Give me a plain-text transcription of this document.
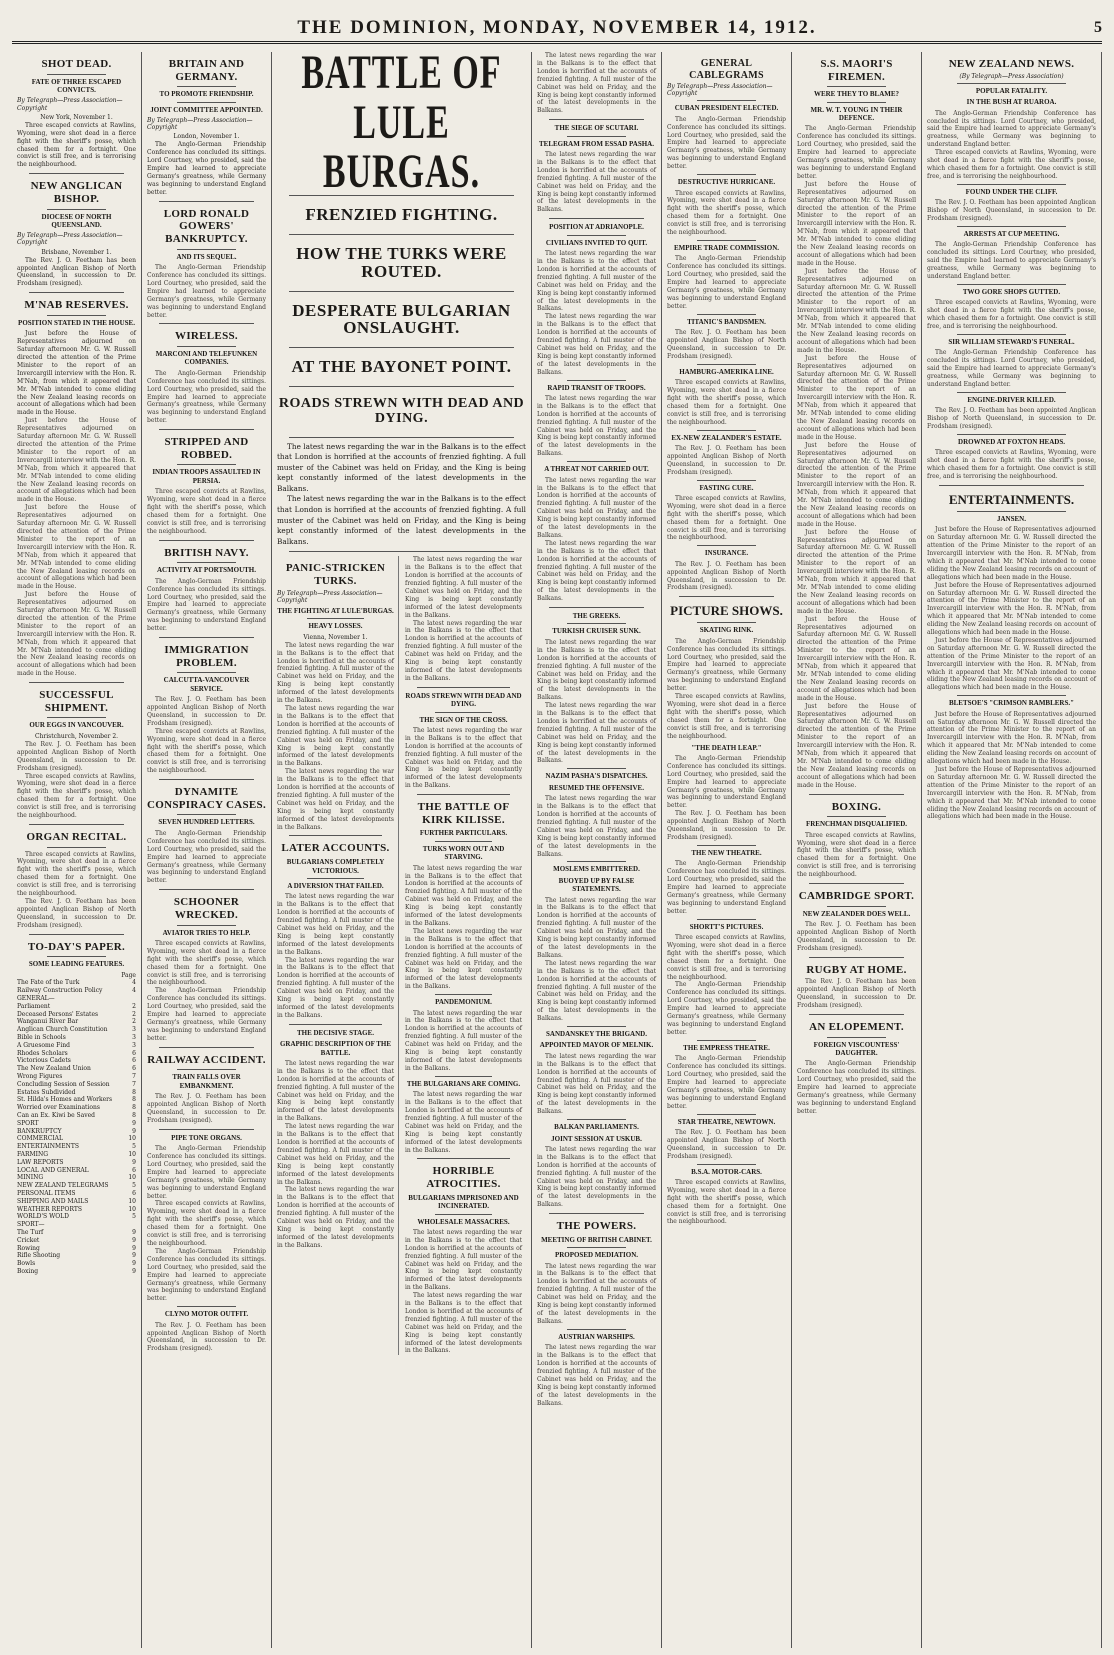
THE DOMINION, MONDAY, NOVEMBER 14, 1912.	5
SHOT DEAD.
FATE OF THREE ESCAPED CONVICTS.
By Telegraph—Press Association—Copyright
New York, November 1.

Three escaped convicts at Rawlins, Wyoming, were shot dead in a fierce fight with the sheriff's posse, which chased them for a fortnight. One convict is still free, and is terrorising the neighbourhood.

NEW ANGLICAN BISHOP.
DIOCESE OF NORTH QUEENSLAND.
By Telegraph—Press Association—Copyright
Brisbane, November 1.

The Rev. J. O. Feetham has been appointed Anglican Bishop of North Queensland, in succession to Dr. Frodsham (resigned).

M'NAB RESERVES.
POSITION STATED IN THE HOUSE.

Just before the House of Representatives adjourned on Saturday afternoon Mr. G. W. Russell directed the attention of the Prime Minister to the report of an Invercargill interview with the Hon. R. M'Nab, from which it appeared that Mr. M'Nab intended to come eliding the New Zealand leasing records on account of allegations which had been made in the House.

Just before the House of Representatives adjourned on Saturday afternoon Mr. G. W. Russell directed the attention of the Prime Minister to the report of an Invercargill interview with the Hon. R. M'Nab, from which it appeared that Mr. M'Nab intended to come eliding the New Zealand leasing records on account of allegations which had been made in the House.

Just before the House of Representatives adjourned on Saturday afternoon Mr. G. W. Russell directed the attention of the Prime Minister to the report of an Invercargill interview with the Hon. R. M'Nab, from which it appeared that Mr. M'Nab intended to come eliding the New Zealand leasing records on account of allegations which had been made in the House.

Just before the House of Representatives adjourned on Saturday afternoon Mr. G. W. Russell directed the attention of the Prime Minister to the report of an Invercargill interview with the Hon. R. M'Nab, from which it appeared that Mr. M'Nab intended to come eliding the New Zealand leasing records on account of allegations which had been made in the House.

SUCCESSFUL SHIPMENT.
OUR EGGS IN VANCOUVER.
Christchurch, November 2.

The Rev. J. O. Feetham has been appointed Anglican Bishop of North Queensland, in succession to Dr. Frodsham (resigned).

Three escaped convicts at Rawlins, Wyoming, were shot dead in a fierce fight with the sheriff's posse, which chased them for a fortnight. One convict is still free, and is terrorising the neighbourhood.

ORGAN RECITAL.

Three escaped convicts at Rawlins, Wyoming, were shot dead in a fierce fight with the sheriff's posse, which chased them for a fortnight. One convict is still free, and is terrorising the neighbourhood.

The Rev. J. O. Feetham has been appointed Anglican Bishop of North Queensland, in succession to Dr. Frodsham (resigned).

TO-DAY'S PAPER.
SOME LEADING FEATURES.
Page
The Fate of the Turk	4
Railway Construction Policy	4
GENERAL—
Parliament	2
Deceased Persons' Estates	2
Wanganui River Bar	2
Anglican Church Constitution	3
Bible in Schools	3
A Gruesome Find	3
Rhodes Scholars	6
Victorious Cadets	6
The New Zealand Union	6
Wrong Figures	7
Concluding Session of Session	7
Estates Subdivided	8
St. Hilda's Homes and Workers	8
Worried over Examinations	8
Can an Ex. Kiwi be Saved	8
SPORT	9
BANKRUPTCY	9
COMMERCIAL	10
ENTERTAINMENTS	5
FARMING	10
LAW REPORTS	9
LOCAL AND GENERAL	6
MINING	10
NEW ZEALAND TELEGRAMS	5
PERSONAL ITEMS	6
SHIPPING AND MAILS	10
WEATHER REPORTS	10
WORLD'S WOLD	5
SPORT—
The Turf	9
Cricket	9
Rowing	9
Rifle Shooting	9
Bowls	9
Boxing	9
BRITAIN AND GERMANY.
TO PROMOTE FRIENDSHIP.
JOINT COMMITTEE APPOINTED.
By Telegraph—Press Association—Copyright
London, November 1.

The Anglo-German Friendship Conference has concluded its sittings. Lord Courtney, who presided, said the Empire had learned to appreciate Germany's greatness, while Germany was beginning to understand England better.

LORD RONALD GOWERS' BANKRUPTCY.
AND ITS SEQUEL.

The Anglo-German Friendship Conference has concluded its sittings. Lord Courtney, who presided, said the Empire had learned to appreciate Germany's greatness, while Germany was beginning to understand England better.

WIRELESS.
MARCONI AND TELEFUNKEN COMPANIES.

The Anglo-German Friendship Conference has concluded its sittings. Lord Courtney, who presided, said the Empire had learned to appreciate Germany's greatness, while Germany was beginning to understand England better.

STRIPPED AND ROBBED.
INDIAN TROOPS ASSAULTED IN PERSIA.

Three escaped convicts at Rawlins, Wyoming, were shot dead in a fierce fight with the sheriff's posse, which chased them for a fortnight. One convict is still free, and is terrorising the neighbourhood.

BRITISH NAVY.
ACTIVITY AT PORTSMOUTH.

The Anglo-German Friendship Conference has concluded its sittings. Lord Courtney, who presided, said the Empire had learned to appreciate Germany's greatness, while Germany was beginning to understand England better.

IMMIGRATION PROBLEM.
CALCUTTA-VANCOUVER SERVICE.

The Rev. J. O. Feetham has been appointed Anglican Bishop of North Queensland, in succession to Dr. Frodsham (resigned).

Three escaped convicts at Rawlins, Wyoming, were shot dead in a fierce fight with the sheriff's posse, which chased them for a fortnight. One convict is still free, and is terrorising the neighbourhood.

DYNAMITE CONSPIRACY CASES.
SEVEN HUNDRED LETTERS.

The Anglo-German Friendship Conference has concluded its sittings. Lord Courtney, who presided, said the Empire had learned to appreciate Germany's greatness, while Germany was beginning to understand England better.

SCHOONER WRECKED.
AVIATOR TRIES TO HELP.

Three escaped convicts at Rawlins, Wyoming, were shot dead in a fierce fight with the sheriff's posse, which chased them for a fortnight. One convict is still free, and is terrorising the neighbourhood.

The Anglo-German Friendship Conference has concluded its sittings. Lord Courtney, who presided, said the Empire had learned to appreciate Germany's greatness, while Germany was beginning to understand England better.

RAILWAY ACCIDENT.
TRAIN FALLS OVER EMBANKMENT.

The Rev. J. O. Feetham has been appointed Anglican Bishop of North Queensland, in succession to Dr. Frodsham (resigned).

PIPE TONE ORGANS.

The Anglo-German Friendship Conference has concluded its sittings. Lord Courtney, who presided, said the Empire had learned to appreciate Germany's greatness, while Germany was beginning to understand England better.

Three escaped convicts at Rawlins, Wyoming, were shot dead in a fierce fight with the sheriff's posse, which chased them for a fortnight. One convict is still free, and is terrorising the neighbourhood.

The Anglo-German Friendship Conference has concluded its sittings. Lord Courtney, who presided, said the Empire had learned to appreciate Germany's greatness, while Germany was beginning to understand England better.

CLYNO MOTOR OUTFIT.

The Rev. J. O. Feetham has been appointed Anglican Bishop of North Queensland, in succession to Dr. Frodsham (resigned).

BATTLE OF LULE BURGAS.
FRENZIED FIGHTING.
HOW THE TURKS WERE ROUTED.
DESPERATE BULGARIAN ONSLAUGHT.
AT THE BAYONET POINT.
ROADS STREWN WITH DEAD AND DYING.

The latest news regarding the war in the Balkans is to the effect that London is horrified at the accounts of frenzied fighting. A full muster of the Cabinet was held on Friday, and the King is being kept constantly informed of the latest developments in the Balkans.

The latest news regarding the war in the Balkans is to the effect that London is horrified at the accounts of frenzied fighting. A full muster of the Cabinet was held on Friday, and the King is being kept constantly informed of the latest developments in the Balkans.

PANIC-STRICKEN TURKS.
By Telegraph—Press Association—Copyright
THE FIGHTING AT LULE'BURGAS.
HEAVY LOSSES.
Vienna, November 1.

The latest news regarding the war in the Balkans is to the effect that London is horrified at the accounts of frenzied fighting. A full muster of the Cabinet was held on Friday, and the King is being kept constantly informed of the latest developments in the Balkans.

The latest news regarding the war in the Balkans is to the effect that London is horrified at the accounts of frenzied fighting. A full muster of the Cabinet was held on Friday, and the King is being kept constantly informed of the latest developments in the Balkans.

The latest news regarding the war in the Balkans is to the effect that London is horrified at the accounts of frenzied fighting. A full muster of the Cabinet was held on Friday, and the King is being kept constantly informed of the latest developments in the Balkans.

LATER ACCOUNTS.
BULGARIANS COMPLETELY VICTORIOUS.
A DIVERSION THAT FAILED.

The latest news regarding the war in the Balkans is to the effect that London is horrified at the accounts of frenzied fighting. A full muster of the Cabinet was held on Friday, and the King is being kept constantly informed of the latest developments in the Balkans.

The latest news regarding the war in the Balkans is to the effect that London is horrified at the accounts of frenzied fighting. A full muster of the Cabinet was held on Friday, and the King is being kept constantly informed of the latest developments in the Balkans.

THE DECISIVE STAGE.
GRAPHIC DESCRIPTION OF THE BATTLE.

The latest news regarding the war in the Balkans is to the effect that London is horrified at the accounts of frenzied fighting. A full muster of the Cabinet was held on Friday, and the King is being kept constantly informed of the latest developments in the Balkans.

The latest news regarding the war in the Balkans is to the effect that London is horrified at the accounts of frenzied fighting. A full muster of the Cabinet was held on Friday, and the King is being kept constantly informed of the latest developments in the Balkans.

The latest news regarding the war in the Balkans is to the effect that London is horrified at the accounts of frenzied fighting. A full muster of the Cabinet was held on Friday, and the King is being kept constantly informed of the latest developments in the Balkans.

The latest news regarding the war in the Balkans is to the effect that London is horrified at the accounts of frenzied fighting. A full muster of the Cabinet was held on Friday, and the King is being kept constantly informed of the latest developments in the Balkans.

The latest news regarding the war in the Balkans is to the effect that London is horrified at the accounts of frenzied fighting. A full muster of the Cabinet was held on Friday, and the King is being kept constantly informed of the latest developments in the Balkans.

ROADS STREWN WITH DEAD AND DYING.
THE SIGN OF THE CROSS.

The latest news regarding the war in the Balkans is to the effect that London is horrified at the accounts of frenzied fighting. A full muster of the Cabinet was held on Friday, and the King is being kept constantly informed of the latest developments in the Balkans.

THE BATTLE OF KIRK KILISSE.
FURTHER PARTICULARS.
TURKS WORN OUT AND STARVING.

The latest news regarding the war in the Balkans is to the effect that London is horrified at the accounts of frenzied fighting. A full muster of the Cabinet was held on Friday, and the King is being kept constantly informed of the latest developments in the Balkans.

The latest news regarding the war in the Balkans is to the effect that London is horrified at the accounts of frenzied fighting. A full muster of the Cabinet was held on Friday, and the King is being kept constantly informed of the latest developments in the Balkans.

PANDEMONIUM.

The latest news regarding the war in the Balkans is to the effect that London is horrified at the accounts of frenzied fighting. A full muster of the Cabinet was held on Friday, and the King is being kept constantly informed of the latest developments in the Balkans.

THE BULGARIANS ARE COMING.

The latest news regarding the war in the Balkans is to the effect that London is horrified at the accounts of frenzied fighting. A full muster of the Cabinet was held on Friday, and the King is being kept constantly informed of the latest developments in the Balkans.

HORRIBLE ATROCITIES.
BULGARIANS IMPRISONED AND INCINERATED.
WHOLESALE MASSACRES.

The latest news regarding the war in the Balkans is to the effect that London is horrified at the accounts of frenzied fighting. A full muster of the Cabinet was held on Friday, and the King is being kept constantly informed of the latest developments in the Balkans.

The latest news regarding the war in the Balkans is to the effect that London is horrified at the accounts of frenzied fighting. A full muster of the Cabinet was held on Friday, and the King is being kept constantly informed of the latest developments in the Balkans.

The latest news regarding the war in the Balkans is to the effect that London is horrified at the accounts of frenzied fighting. A full muster of the Cabinet was held on Friday, and the King is being kept constantly informed of the latest developments in the Balkans.

THE SIEGE OF SCUTARI.
TELEGRAM FROM ESSAD PASHA.

The latest news regarding the war in the Balkans is to the effect that London is horrified at the accounts of frenzied fighting. A full muster of the Cabinet was held on Friday, and the King is being kept constantly informed of the latest developments in the Balkans.

POSITION AT ADRIANOPLE.
CIVILIANS INVITED TO QUIT.

The latest news regarding the war in the Balkans is to the effect that London is horrified at the accounts of frenzied fighting. A full muster of the Cabinet was held on Friday, and the King is being kept constantly informed of the latest developments in the Balkans.

The latest news regarding the war in the Balkans is to the effect that London is horrified at the accounts of frenzied fighting. A full muster of the Cabinet was held on Friday, and the King is being kept constantly informed of the latest developments in the Balkans.

RAPID TRANSIT OF TROOPS.

The latest news regarding the war in the Balkans is to the effect that London is horrified at the accounts of frenzied fighting. A full muster of the Cabinet was held on Friday, and the King is being kept constantly informed of the latest developments in the Balkans.

A THREAT NOT CARRIED OUT.

The latest news regarding the war in the Balkans is to the effect that London is horrified at the accounts of frenzied fighting. A full muster of the Cabinet was held on Friday, and the King is being kept constantly informed of the latest developments in the Balkans.

The latest news regarding the war in the Balkans is to the effect that London is horrified at the accounts of frenzied fighting. A full muster of the Cabinet was held on Friday, and the King is being kept constantly informed of the latest developments in the Balkans.

THE GREEKS.
TURKISH CRUISER SUNK.

The latest news regarding the war in the Balkans is to the effect that London is horrified at the accounts of frenzied fighting. A full muster of the Cabinet was held on Friday, and the King is being kept constantly informed of the latest developments in the Balkans.

The latest news regarding the war in the Balkans is to the effect that London is horrified at the accounts of frenzied fighting. A full muster of the Cabinet was held on Friday, and the King is being kept constantly informed of the latest developments in the Balkans.

NAZIM PASHA'S DISPATCHES.
RESUMED THE OFFENSIVE.

The latest news regarding the war in the Balkans is to the effect that London is horrified at the accounts of frenzied fighting. A full muster of the Cabinet was held on Friday, and the King is being kept constantly informed of the latest developments in the Balkans.

MOSLEMS EMBITTERED.
BUOYED UP BY FALSE STATEMENTS.

The latest news regarding the war in the Balkans is to the effect that London is horrified at the accounts of frenzied fighting. A full muster of the Cabinet was held on Friday, and the King is being kept constantly informed of the latest developments in the Balkans.

The latest news regarding the war in the Balkans is to the effect that London is horrified at the accounts of frenzied fighting. A full muster of the Cabinet was held on Friday, and the King is being kept constantly informed of the latest developments in the Balkans.

SANDANSKEY THE BRIGAND.
APPOINTED MAYOR OF MELNIK.

The latest news regarding the war in the Balkans is to the effect that London is horrified at the accounts of frenzied fighting. A full muster of the Cabinet was held on Friday, and the King is being kept constantly informed of the latest developments in the Balkans.

BALKAN PARLIAMENTS.
JOINT SESSION AT USKUB.

The latest news regarding the war in the Balkans is to the effect that London is horrified at the accounts of frenzied fighting. A full muster of the Cabinet was held on Friday, and the King is being kept constantly informed of the latest developments in the Balkans.

THE POWERS.
MEETING OF BRITISH CABINET.
PROPOSED MEDIATION.

The latest news regarding the war in the Balkans is to the effect that London is horrified at the accounts of frenzied fighting. A full muster of the Cabinet was held on Friday, and the King is being kept constantly informed of the latest developments in the Balkans.

AUSTRIAN WARSHIPS.

The latest news regarding the war in the Balkans is to the effect that London is horrified at the accounts of frenzied fighting. A full muster of the Cabinet was held on Friday, and the King is being kept constantly informed of the latest developments in the Balkans.

GENERAL CABLEGRAMS
By Telegraph—Press Association—Copyright
CUBAN PRESIDENT ELECTED.

The Anglo-German Friendship Conference has concluded its sittings. Lord Courtney, who presided, said the Empire had learned to appreciate Germany's greatness, while Germany was beginning to understand England better.

DESTRUCTIVE HURRICANE.

Three escaped convicts at Rawlins, Wyoming, were shot dead in a fierce fight with the sheriff's posse, which chased them for a fortnight. One convict is still free, and is terrorising the neighbourhood.

EMPIRE TRADE COMMISSION.

The Anglo-German Friendship Conference has concluded its sittings. Lord Courtney, who presided, said the Empire had learned to appreciate Germany's greatness, while Germany was beginning to understand England better.

TITANIC'S BANDSMEN.

The Rev. J. O. Feetham has been appointed Anglican Bishop of North Queensland, in succession to Dr. Frodsham (resigned).

HAMBURG-AMERIKA LINE.

Three escaped convicts at Rawlins, Wyoming, were shot dead in a fierce fight with the sheriff's posse, which chased them for a fortnight. One convict is still free, and is terrorising the neighbourhood.

EX-NEW ZEALANDER'S ESTATE.

The Rev. J. O. Feetham has been appointed Anglican Bishop of North Queensland, in succession to Dr. Frodsham (resigned).

FASTING CURE.

Three escaped convicts at Rawlins, Wyoming, were shot dead in a fierce fight with the sheriff's posse, which chased them for a fortnight. One convict is still free, and is terrorising the neighbourhood.

INSURANCE.

The Rev. J. O. Feetham has been appointed Anglican Bishop of North Queensland, in succession to Dr. Frodsham (resigned).

PICTURE SHOWS.
SKATING RINK.

The Anglo-German Friendship Conference has concluded its sittings. Lord Courtney, who presided, said the Empire had learned to appreciate Germany's greatness, while Germany was beginning to understand England better.

Three escaped convicts at Rawlins, Wyoming, were shot dead in a fierce fight with the sheriff's posse, which chased them for a fortnight. One convict is still free, and is terrorising the neighbourhood.

"THE DEATH LEAP."

The Anglo-German Friendship Conference has concluded its sittings. Lord Courtney, who presided, said the Empire had learned to appreciate Germany's greatness, while Germany was beginning to understand England better.

The Rev. J. O. Feetham has been appointed Anglican Bishop of North Queensland, in succession to Dr. Frodsham (resigned).

THE NEW THEATRE.

The Anglo-German Friendship Conference has concluded its sittings. Lord Courtney, who presided, said the Empire had learned to appreciate Germany's greatness, while Germany was beginning to understand England better.

SHORTT'S PICTURES.

Three escaped convicts at Rawlins, Wyoming, were shot dead in a fierce fight with the sheriff's posse, which chased them for a fortnight. One convict is still free, and is terrorising the neighbourhood.

The Anglo-German Friendship Conference has concluded its sittings. Lord Courtney, who presided, said the Empire had learned to appreciate Germany's greatness, while Germany was beginning to understand England better.

THE EMPRESS THEATRE.

The Anglo-German Friendship Conference has concluded its sittings. Lord Courtney, who presided, said the Empire had learned to appreciate Germany's greatness, while Germany was beginning to understand England better.

STAR THEATRE, NEWTOWN.

The Rev. J. O. Feetham has been appointed Anglican Bishop of North Queensland, in succession to Dr. Frodsham (resigned).

B.S.A. MOTOR-CARS.

Three escaped convicts at Rawlins, Wyoming, were shot dead in a fierce fight with the sheriff's posse, which chased them for a fortnight. One convict is still free, and is terrorising the neighbourhood.

S.S. MAORI'S FIREMEN.
WERE THEY TO BLAME?
MR. W. T. YOUNG IN THEIR DEFENCE.

The Anglo-German Friendship Conference has concluded its sittings. Lord Courtney, who presided, said the Empire had learned to appreciate Germany's greatness, while Germany was beginning to understand England better.

Just before the House of Representatives adjourned on Saturday afternoon Mr. G. W. Russell directed the attention of the Prime Minister to the report of an Invercargill interview with the Hon. R. M'Nab, from which it appeared that Mr. M'Nab intended to come eliding the New Zealand leasing records on account of allegations which had been made in the House.

Just before the House of Representatives adjourned on Saturday afternoon Mr. G. W. Russell directed the attention of the Prime Minister to the report of an Invercargill interview with the Hon. R. M'Nab, from which it appeared that Mr. M'Nab intended to come eliding the New Zealand leasing records on account of allegations which had been made in the House.

Just before the House of Representatives adjourned on Saturday afternoon Mr. G. W. Russell directed the attention of the Prime Minister to the report of an Invercargill interview with the Hon. R. M'Nab, from which it appeared that Mr. M'Nab intended to come eliding the New Zealand leasing records on account of allegations which had been made in the House.

Just before the House of Representatives adjourned on Saturday afternoon Mr. G. W. Russell directed the attention of the Prime Minister to the report of an Invercargill interview with the Hon. R. M'Nab, from which it appeared that Mr. M'Nab intended to come eliding the New Zealand leasing records on account of allegations which had been made in the House.

Just before the House of Representatives adjourned on Saturday afternoon Mr. G. W. Russell directed the attention of the Prime Minister to the report of an Invercargill interview with the Hon. R. M'Nab, from which it appeared that Mr. M'Nab intended to come eliding the New Zealand leasing records on account of allegations which had been made in the House.

Just before the House of Representatives adjourned on Saturday afternoon Mr. G. W. Russell directed the attention of the Prime Minister to the report of an Invercargill interview with the Hon. R. M'Nab, from which it appeared that Mr. M'Nab intended to come eliding the New Zealand leasing records on account of allegations which had been made in the House.

Just before the House of Representatives adjourned on Saturday afternoon Mr. G. W. Russell directed the attention of the Prime Minister to the report of an Invercargill interview with the Hon. R. M'Nab, from which it appeared that Mr. M'Nab intended to come eliding the New Zealand leasing records on account of allegations which had been made in the House.

BOXING.
FRENCHMAN DISQUALIFIED.

Three escaped convicts at Rawlins, Wyoming, were shot dead in a fierce fight with the sheriff's posse, which chased them for a fortnight. One convict is still free, and is terrorising the neighbourhood.

CAMBRIDGE SPORT.
NEW ZEALANDER DOES WELL.

The Rev. J. O. Feetham has been appointed Anglican Bishop of North Queensland, in succession to Dr. Frodsham (resigned).

RUGBY AT HOME.

The Rev. J. O. Feetham has been appointed Anglican Bishop of North Queensland, in succession to Dr. Frodsham (resigned).

AN ELOPEMENT.
FOREIGN VISCOUNTESS' DAUGHTER.

The Anglo-German Friendship Conference has concluded its sittings. Lord Courtney, who presided, said the Empire had learned to appreciate Germany's greatness, while Germany was beginning to understand England better.

NEW ZEALAND NEWS.
(By Telegraph—Press Association)
POPULAR FATALITY.
IN THE BUSH AT RUAROA.

The Anglo-German Friendship Conference has concluded its sittings. Lord Courtney, who presided, said the Empire had learned to appreciate Germany's greatness, while Germany was beginning to understand England better.

Three escaped convicts at Rawlins, Wyoming, were shot dead in a fierce fight with the sheriff's posse, which chased them for a fortnight. One convict is still free, and is terrorising the neighbourhood.

FOUND UNDER THE CLIFF.

The Rev. J. O. Feetham has been appointed Anglican Bishop of North Queensland, in succession to Dr. Frodsham (resigned).

ARRESTS AT CUP MEETING.

The Anglo-German Friendship Conference has concluded its sittings. Lord Courtney, who presided, said the Empire had learned to appreciate Germany's greatness, while Germany was beginning to understand England better.

TWO GORE SHOPS GUTTED.

Three escaped convicts at Rawlins, Wyoming, were shot dead in a fierce fight with the sheriff's posse, which chased them for a fortnight. One convict is still free, and is terrorising the neighbourhood.

SIR WILLIAM STEWARD'S FUNERAL.

The Anglo-German Friendship Conference has concluded its sittings. Lord Courtney, who presided, said the Empire had learned to appreciate Germany's greatness, while Germany was beginning to understand England better.

ENGINE-DRIVER KILLED.

The Rev. J. O. Feetham has been appointed Anglican Bishop of North Queensland, in succession to Dr. Frodsham (resigned).

DROWNED AT FOXTON HEADS.

Three escaped convicts at Rawlins, Wyoming, were shot dead in a fierce fight with the sheriff's posse, which chased them for a fortnight. One convict is still free, and is terrorising the neighbourhood.

ENTERTAINMENTS.
JANSEN.

Just before the House of Representatives adjourned on Saturday afternoon Mr. G. W. Russell directed the attention of the Prime Minister to the report of an Invercargill interview with the Hon. R. M'Nab, from which it appeared that Mr. M'Nab intended to come eliding the New Zealand leasing records on account of allegations which had been made in the House.

Just before the House of Representatives adjourned on Saturday afternoon Mr. G. W. Russell directed the attention of the Prime Minister to the report of an Invercargill interview with the Hon. R. M'Nab, from which it appeared that Mr. M'Nab intended to come eliding the New Zealand leasing records on account of allegations which had been made in the House.

Just before the House of Representatives adjourned on Saturday afternoon Mr. G. W. Russell directed the attention of the Prime Minister to the report of an Invercargill interview with the Hon. R. M'Nab, from which it appeared that Mr. M'Nab intended to come eliding the New Zealand leasing records on account of allegations which had been made in the House.

BLETSOE'S "CRIMSON RAMBLERS."

Just before the House of Representatives adjourned on Saturday afternoon Mr. G. W. Russell directed the attention of the Prime Minister to the report of an Invercargill interview with the Hon. R. M'Nab, from which it appeared that Mr. M'Nab intended to come eliding the New Zealand leasing records on account of allegations which had been made in the House.

Just before the House of Representatives adjourned on Saturday afternoon Mr. G. W. Russell directed the attention of the Prime Minister to the report of an Invercargill interview with the Hon. R. M'Nab, from which it appeared that Mr. M'Nab intended to come eliding the New Zealand leasing records on account of allegations which had been made in the House.
